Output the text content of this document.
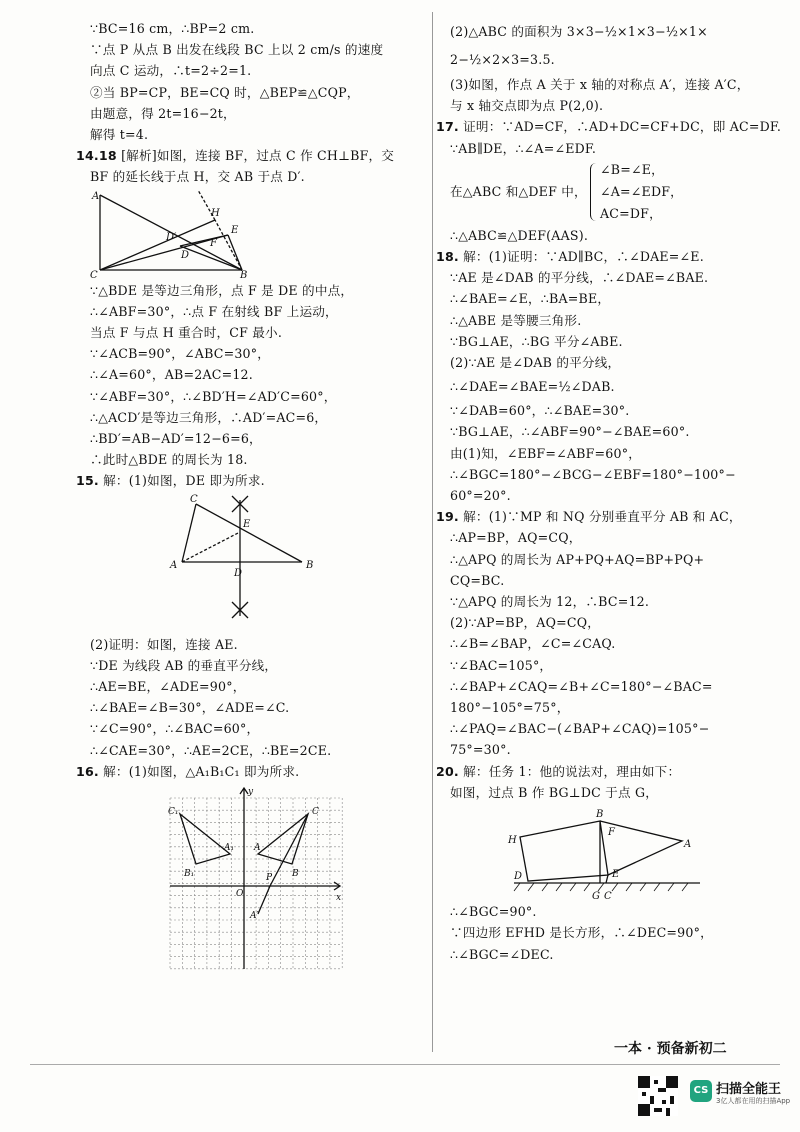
∵BC=16 cm，∴BP=2 cm.
∵点 P 从点 B 出发在线段 BC 上以 2 cm/s 的速度
向点 C 运动，∴t=2÷2=1.
②当 BP=CP，BE=CQ 时，△BEP≌△CQP，
由题意，得 2t=16−2t，
解得 t=4.
14.18 [解析]如图，连接 BF，过点 C 作 CH⊥BF，交
BF 的延长线于点 H，交 AB 于点 D′.
A
H
E
D′
F
D
C	B
∵△BDE 是等边三角形，点 F 是 DE 的中点，
∴∠ABF=30°，∴点 F 在射线 BF 上运动，
当点 F 与点 H 重合时，CF 最小.
∵∠ACB=90°，∠ABC=30°，
∴∠A=60°，AB=2AC=12.
∵∠ABF=30°，∴∠BD′H=∠AD′C=60°，
∴△ACD′是等边三角形，∴AD′=AC=6，
∴BD′=AB−AD′=12−6=6，
∴此时△BDE 的周长为 18.
15. 解：(1)如图，DE 即为所求.
C
E
A
D
B
(2)证明：如图，连接 AE.
∵DE 为线段 AB 的垂直平分线，
∴AE=BE，∠ADE=90°，
∴∠BAE=∠B=30°，∠ADE=∠C.
∵∠C=90°，∴∠BAC=60°，
∴∠CAE=30°，∴AE=2CE，∴BE=2CE.
16. 解：(1)如图，△A₁B₁C₁ 即为所求.
y
x
C₁	C
A₁ A
B₁	B
P
O
A′
(2)△ABC 的面积为 3×3−½×1×3−½×1×
2−½×2×3=3.5.
(3)如图，作点 A 关于 x 轴的对称点 A′，连接 A′C，
与 x 轴交点即为点 P(2,0).
17. 证明：∵AD=CF，∴AD+DC=CF+DC，即 AC=DF.
∵AB∥DE，∴∠A=∠EDF.
在△ABC 和△DEF 中，
∠B=∠E，
∠A=∠EDF，
AC=DF，
∴△ABC≌△DEF(AAS).
18. 解：(1)证明：∵AD∥BC，∴∠DAE=∠E.
∵AE 是∠DAB 的平分线，∴∠DAE=∠BAE.
∴∠BAE=∠E，∴BA=BE，
∴△ABE 是等腰三角形.
∵BG⊥AE，∴BG 平分∠ABE.
(2)∵AE 是∠DAB 的平分线，
∴∠DAE=∠BAE=½∠DAB.
∵∠DAB=60°，∴∠BAE=30°.
∵BG⊥AE，∴∠ABF=90°−∠BAE=60°.
由(1)知，∠EBF=∠ABF=60°，
∴∠BGC=180°−∠BCG−∠EBF=180°−100°−
60°=20°.
19. 解：(1)∵MP 和 NQ 分别垂直平分 AB 和 AC，
∴AP=BP，AQ=CQ，
∴△APQ 的周长为 AP+PQ+AQ=BP+PQ+
CQ=BC.
∵△APQ 的周长为 12，∴BC=12.
(2)∵AP=BP，AQ=CQ，
∴∠B=∠BAP，∠C=∠CAQ.
∵∠BAC=105°，
∴∠BAP+∠CAQ=∠B+∠C=180°−∠BAC=
180°−105°=75°，
∴∠PAQ=∠BAC−(∠BAP+∠CAQ)=105°−
75°=30°.
20. 解：任务 1：他的说法对，理由如下：
如图，过点 B 作 BG⊥DC 于点 G，
B
F
H	A
D	E
G C
∴∠BGC=90°.
∵四边形 EFHD 是长方形，∴∠DEC=90°，
∴∠BGC=∠DEC.
一本 · 预备新初二
CS 扫描全能王
3亿人都在用的扫描App
